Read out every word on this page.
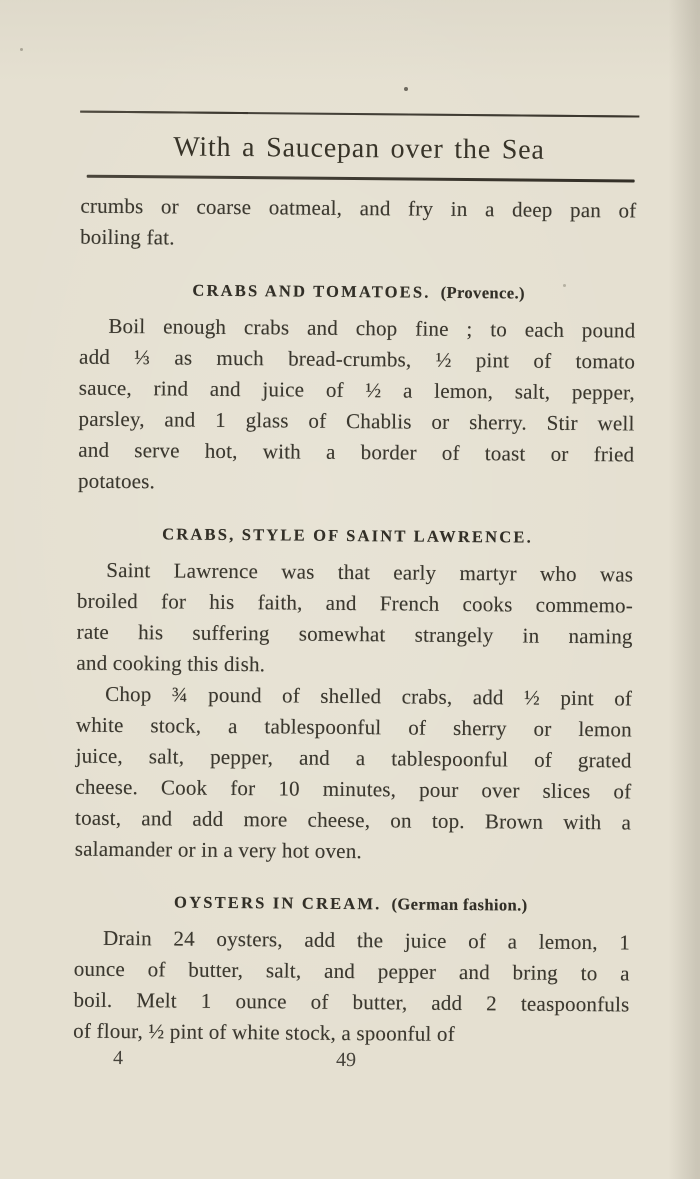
With a Saucepan over the Sea
crumbs or coarse oatmeal, and fry in a deep pan of
boiling fat.
CRABS AND TOMATOES. (Provence.)
Boil enough crabs and chop fine ; to each pound
add ⅓ as much bread-crumbs, ½ pint of tomato
sauce, rind and juice of ½ a lemon, salt, pepper,
parsley, and 1 glass of Chablis or sherry. Stir well
and serve hot, with a border of toast or fried
potatoes.
CRABS, STYLE OF SAINT LAWRENCE.
Saint Lawrence was that early martyr who was
broiled for his faith, and French cooks commemo-
rate his suffering somewhat strangely in naming
and cooking this dish.
Chop ¾ pound of shelled crabs, add ½ pint of
white stock, a tablespoonful of sherry or lemon
juice, salt, pepper, and a tablespoonful of grated
cheese. Cook for 10 minutes, pour over slices of
toast, and add more cheese, on top. Brown with a
salamander or in a very hot oven.
OYSTERS IN CREAM. (German fashion.)
Drain 24 oysters, add the juice of a lemon, 1
ounce of butter, salt, and pepper and bring to a
boil. Melt 1 ounce of butter, add 2 teaspoonfuls
of flour, ½ pint of white stock, a spoonful of
4	49
